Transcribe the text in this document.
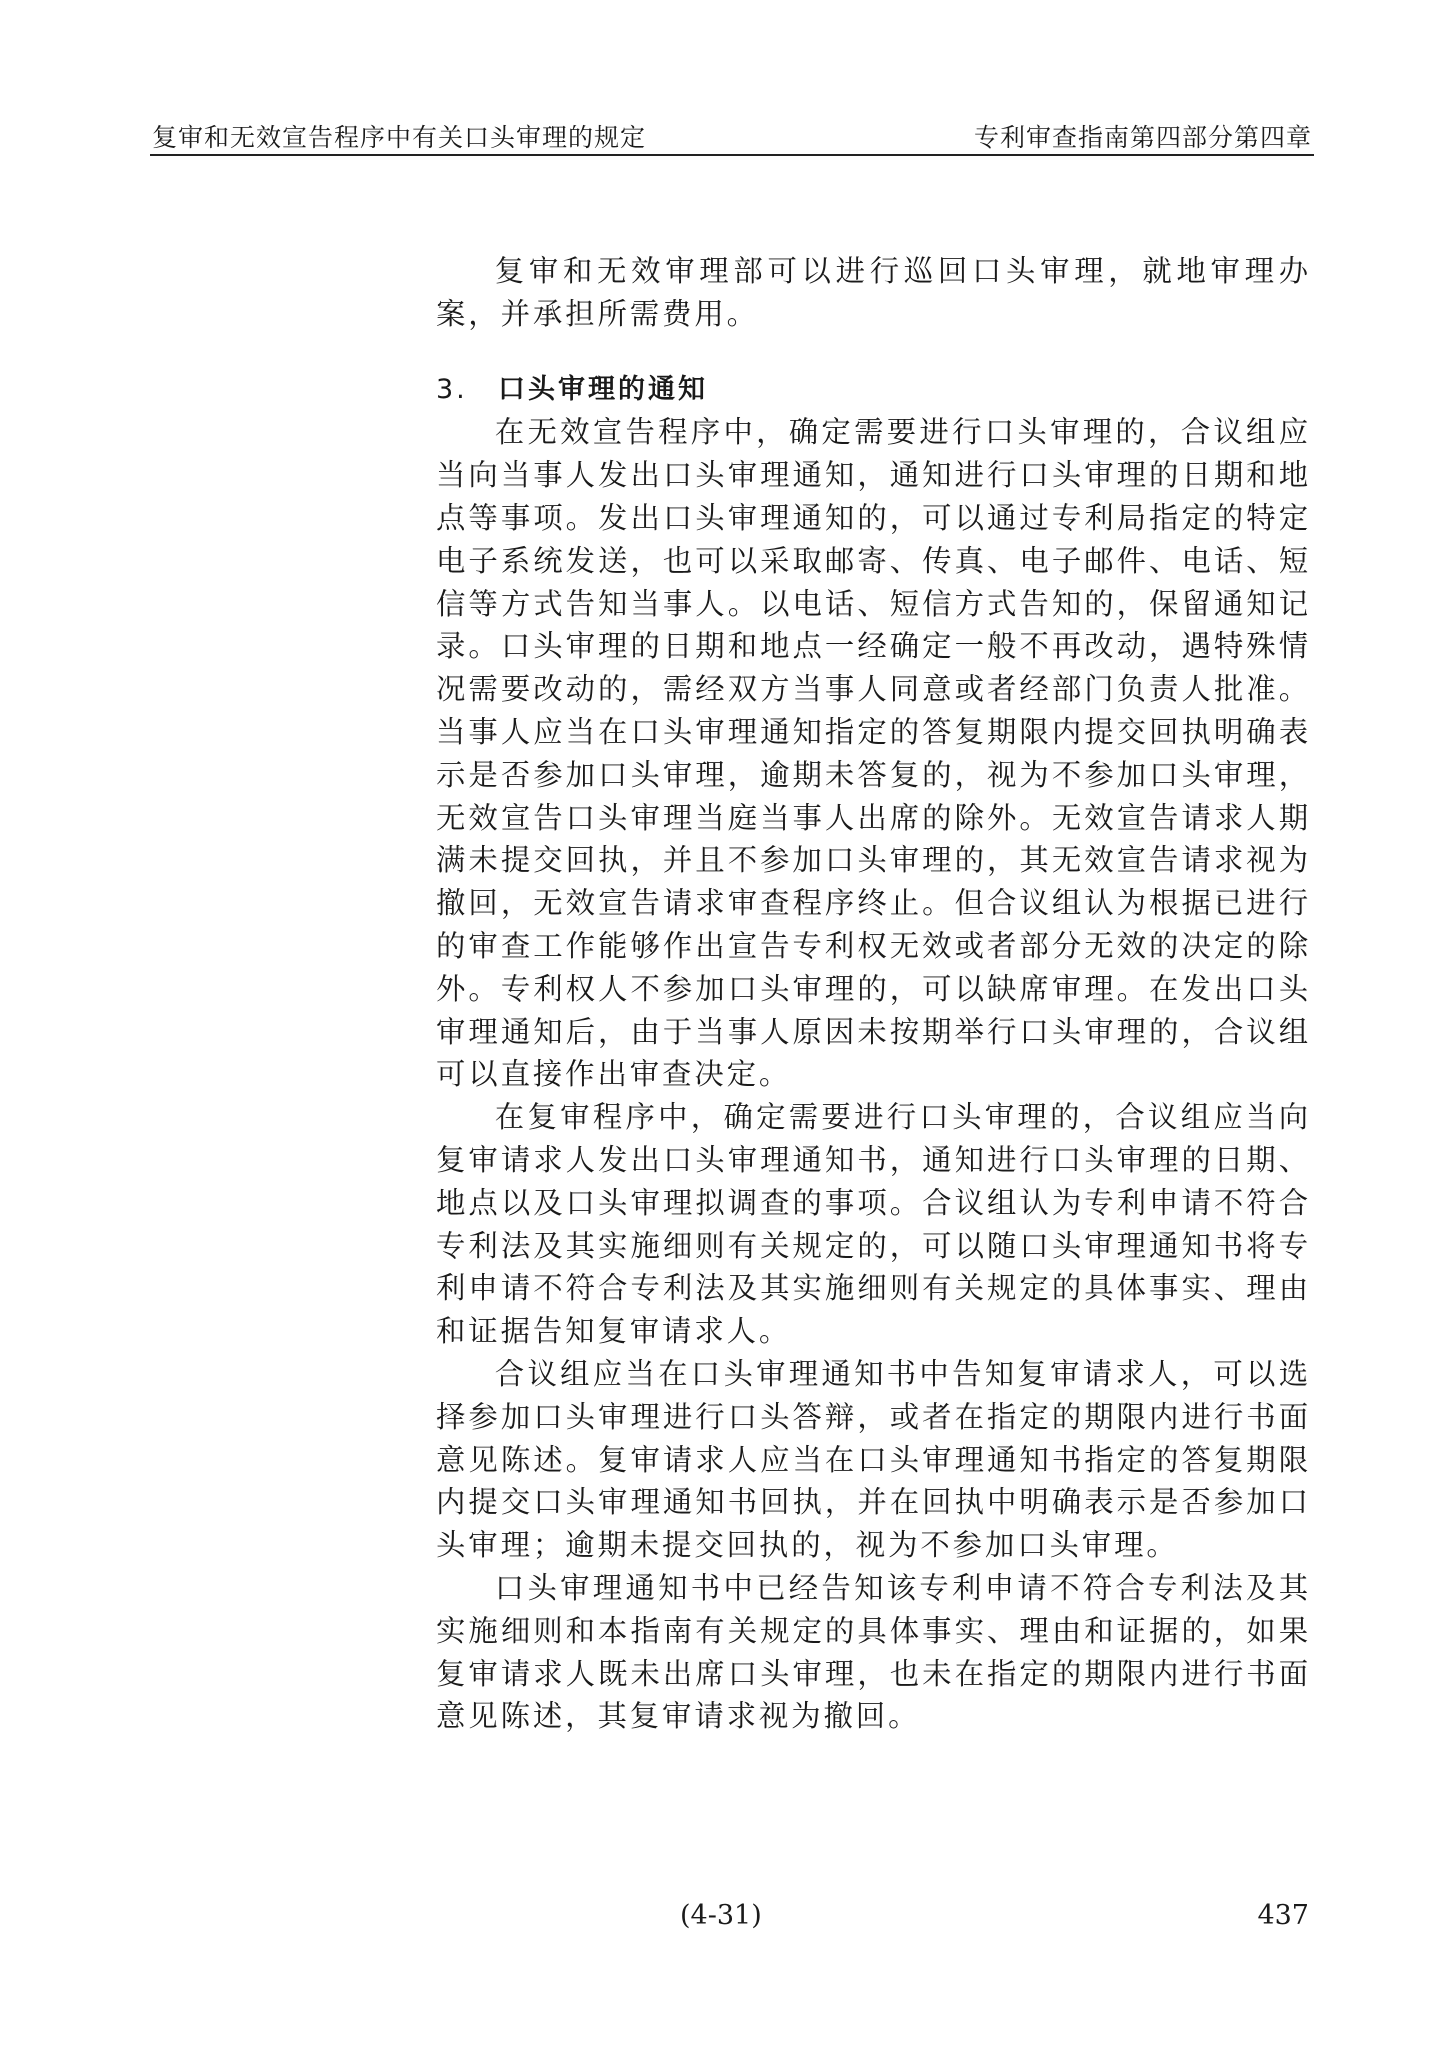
复审和无效宣告程序中有关口头审理的规定	专利审查指南第四部分第四章

复审和无效审理部可以进行巡回口头审理，就地审理办案，并承担所需费用。

3. 口头审理的通知

在无效宣告程序中，确定需要进行口头审理的，合议组应当向当事人发出口头审理通知，通知进行口头审理的日期和地点等事项。发出口头审理通知的，可以通过专利局指定的特定电子系统发送，也可以采取邮寄、传真、电子邮件、电话、短信等方式告知当事人。以电话、短信方式告知的，保留通知记录。口头审理的日期和地点一经确定一般不再改动，遇特殊情况需要改动的，需经双方当事人同意或者经部门负责人批准。当事人应当在口头审理通知指定的答复期限内提交回执明确表示是否参加口头审理，逾期未答复的，视为不参加口头审理，无效宣告口头审理当庭当事人出席的除外。无效宣告请求人期满未提交回执，并且不参加口头审理的，其无效宣告请求视为撤回，无效宣告请求审查程序终止。但合议组认为根据已进行的审查工作能够作出宣告专利权无效或者部分无效的决定的除外。专利权人不参加口头审理的，可以缺席审理。在发出口头审理通知后，由于当事人原因未按期举行口头审理的，合议组可以直接作出审查决定。

在复审程序中，确定需要进行口头审理的，合议组应当向复审请求人发出口头审理通知书，通知进行口头审理的日期、地点以及口头审理拟调查的事项。合议组认为专利申请不符合专利法及其实施细则有关规定的，可以随口头审理通知书将专利申请不符合专利法及其实施细则有关规定的具体事实、理由和证据告知复审请求人。

合议组应当在口头审理通知书中告知复审请求人，可以选择参加口头审理进行口头答辩，或者在指定的期限内进行书面意见陈述。复审请求人应当在口头审理通知书指定的答复期限内提交口头审理通知书回执，并在回执中明确表示是否参加口头审理；逾期未提交回执的，视为不参加口头审理。

口头审理通知书中已经告知该专利申请不符合专利法及其实施细则和本指南有关规定的具体事实、理由和证据的，如果复审请求人既未出席口头审理，也未在指定的期限内进行书面意见陈述，其复审请求视为撤回。

(4-31)	437
